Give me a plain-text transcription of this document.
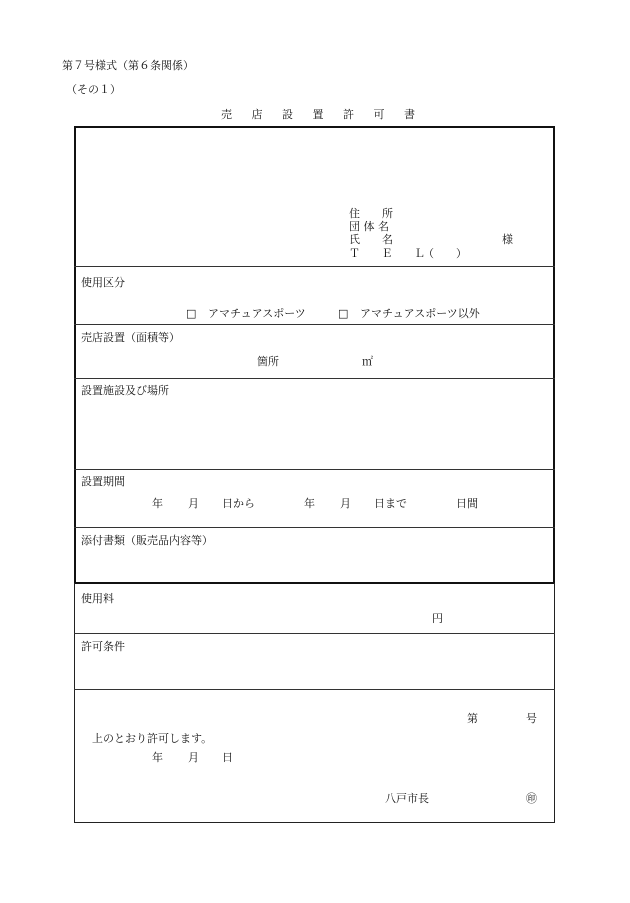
第７号様式（第６条関係）
（その１）
売 店 設 置 許 可 書
住　　所
団 体 名
氏　　名
Ｔ Ｅ Ｌ
（　　）
様
使用区分
□ アマチュアスポーツ	□ アマチュアスポーツ以外
売店設置（面積等）
箇所	㎡
設置施設及び場所
設置期間
年 月 日から	年 月 日まで	日間
添付書類（販売品内容等）
使用料
円
許可条件
第	号
上のとおり許可します。
年 月 日
八戸市長	㊞
